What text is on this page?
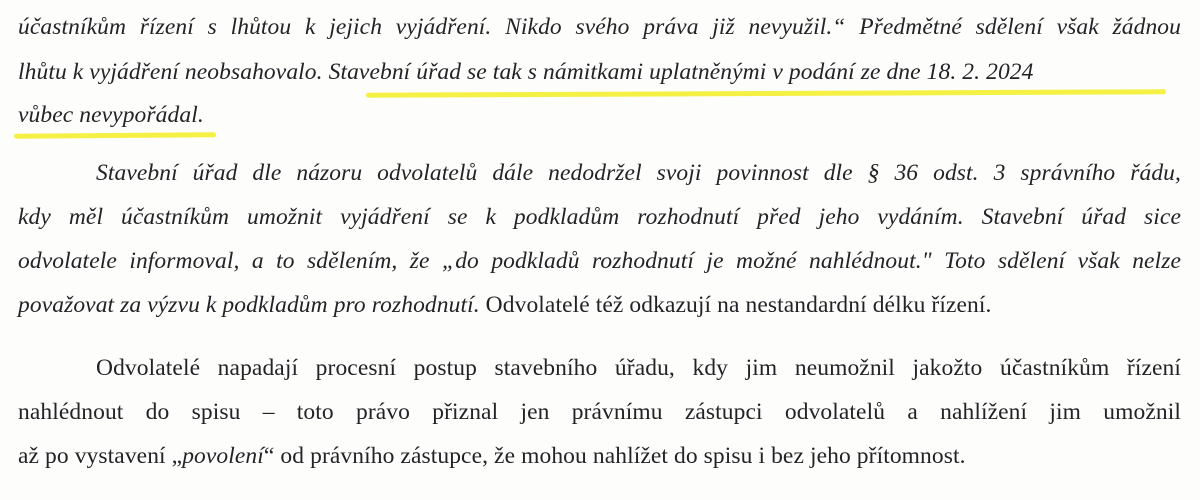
účastníkům řízení s lhůtou k jejich vyjádření. Nikdo svého práva již nevyužil.“ Předmětné sdělení však žádnou
lhůtu k vyjádření neobsahovalo. Stavební úřad se tak s námitkami uplatněnými v podání ze dne 18. 2. 2024
vůbec nevypořádal.
Stavební úřad dle názoru odvolatelů dále nedodržel svoji povinnost dle § 36 odst. 3 správního řádu,
kdy měl účastníkům umožnit vyjádření se k podkladům rozhodnutí před jeho vydáním. Stavební úřad sice
odvolatele informoval, a to sdělením, že „do podkladů rozhodnutí je možné nahlédnout." Toto sdělení však nelze
považovat za výzvu k podkladům pro rozhodnutí. Odvolatelé též odkazují na nestandardní délku řízení.
Odvolatelé napadají procesní postup stavebního úřadu, kdy jim neumožnil jakožto účastníkům řízení
nahlédnout do spisu – toto právo přiznal jen právnímu zástupci odvolatelů a nahlížení jim umožnil
až po vystavení „povolení“ od právního zástupce, že mohou nahlížet do spisu i bez jeho přítomnost.
